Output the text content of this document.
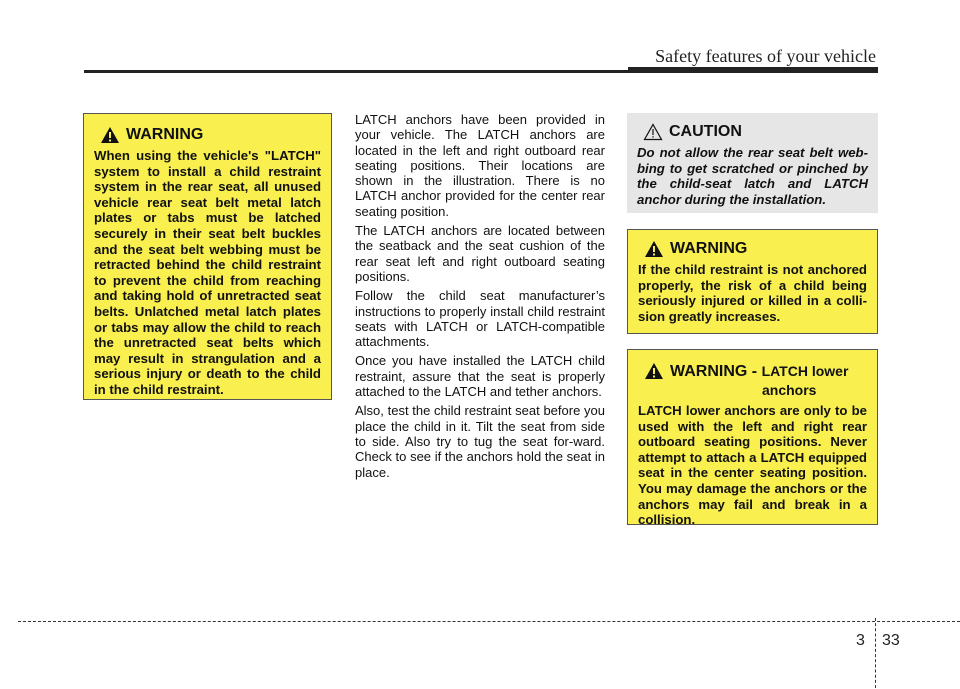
Safety features of your vehicle
WARNING

When using the vehicle's "LATCH" system to install a child restraint system in the rear seat, all unused vehicle rear seat belt metal latch plates or tabs must be latched securely in their seat belt buckles and the seat belt webbing must be retracted behind the child restraint to prevent the child from reaching and taking hold of unretracted seat belts. Unlatched metal latch plates or tabs may allow the child to reach the unretracted seat belts which may result in strangulation and a serious injury or death to the child in the child restraint.

LATCH anchors have been provided in your vehicle. The LATCH anchors are located in the left and right outboard rear seating positions. Their locations are shown in the illustration. There is no LATCH anchor provided for the center rear seating position.

The LATCH anchors are located between the seatback and the seat cushion of the rear seat left and right outboard seating positions.

Follow the child seat manufacturer’s instructions to properly install child restraint seats with LATCH or LATCH-compatible attachments.

Once you have installed the LATCH child restraint, assure that the seat is properly attached to the LATCH and tether anchors.

Also, test the child restraint seat before you place the child in it. Tilt the seat from side to side. Also try to tug the seat for-ward. Check to see if the anchors hold the seat in place.

CAUTION

Do not allow the rear seat belt web-bing to get scratched or pinched by the child-seat latch and LATCH anchor during the installation.

WARNING

If the child restraint is not anchored properly, the risk of a child being seriously injured or killed in a colli-sion greatly increases.

WARNING - LATCH lower
anchors

LATCH lower anchors are only to be used with the left and right rear outboard seating positions. Never attempt to attach a LATCH equipped seat in the center seating position. You may damage the anchors or the anchors may fail and break in a collision.

3 33
